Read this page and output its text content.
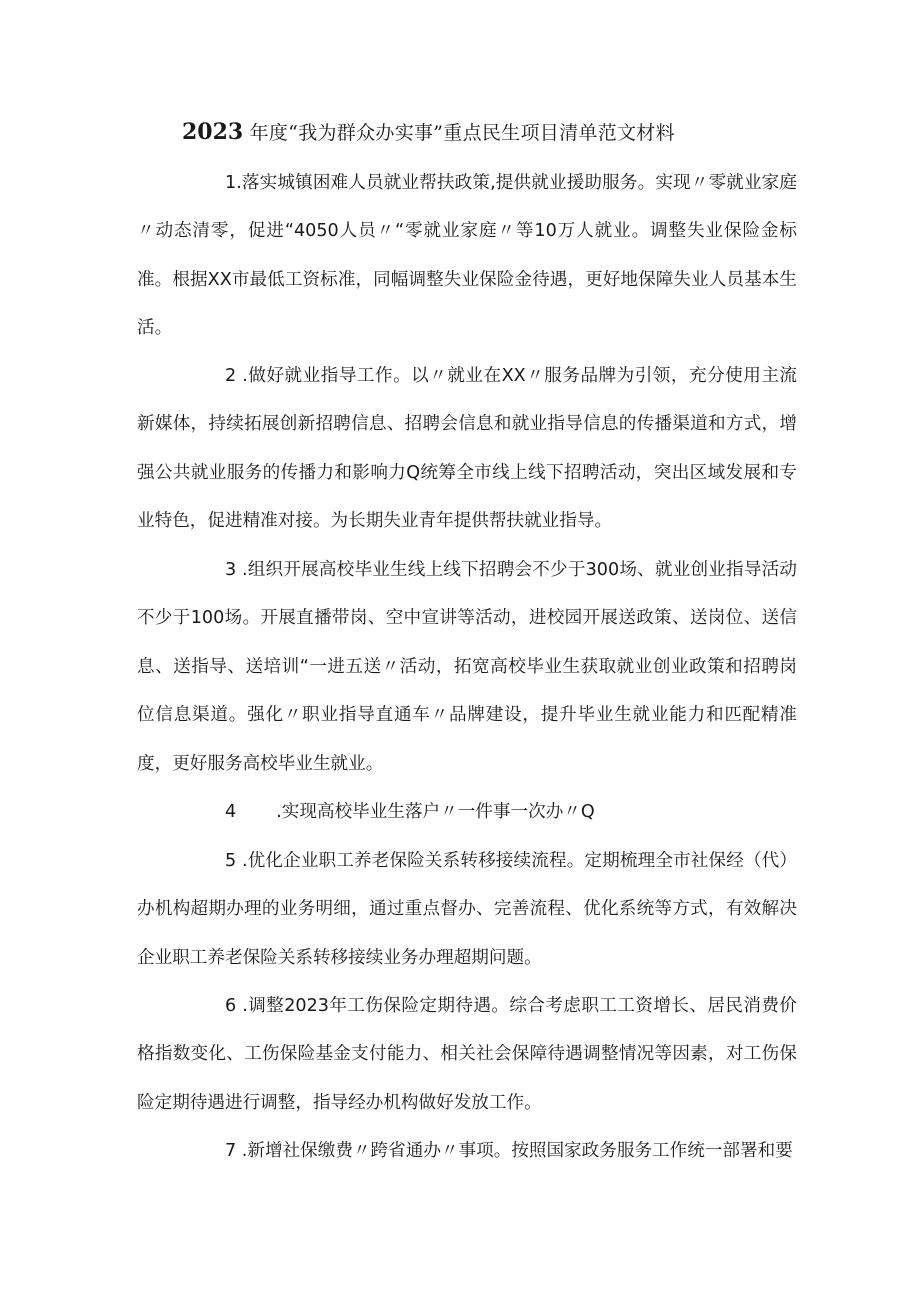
2023 年度“我为群众办实事”重点民生项目清单范文材料

1.落实城镇困难人员就业帮扶政策,提供就业援助服务。实现〃零就业家庭〃动态清零，促进“4050人员〃“零就业家庭〃等10万人就业。调整失业保险金标准。根据XX市最低工资标准，同幅调整失业保险金待遇，更好地保障失业人员基本生活。

2 .做好就业指导工作。以〃就业在XX〃服务品牌为引领，充分使用主流新媒体，持续拓展创新招聘信息、招聘会信息和就业指导信息的传播渠道和方式，增强公共就业服务的传播力和影响力Q统筹全市线上线下招聘活动，突出区域发展和专业特色，促进精准对接。为长期失业青年提供帮扶就业指导。

3 .组织开展高校毕业生线上线下招聘会不少于300场、就业创业指导活动不少于100场。开展直播带岗、空中宣讲等活动，进校园开展送政策、送岗位、送信息、送指导、送培训“一进五送〃活动，拓宽高校毕业生获取就业创业政策和招聘岗位信息渠道。强化〃职业指导直通车〃品牌建设，提升毕业生就业能力和匹配精准度，更好服务高校毕业生就业。

4 .实现高校毕业生落户〃一件事一次办〃Q

5 .优化企业职工养老保险关系转移接续流程。定期梳理全市社保经（代）办机构超期办理的业务明细，通过重点督办、完善流程、优化系统等方式，有效解决企业职工养老保险关系转移接续业务办理超期问题。

6 .调整2023年工伤保险定期待遇。综合考虑职工工资增长、居民消费价格指数变化、工伤保险基金支付能力、相关社会保障待遇调整情况等因素，对工伤保险定期待遇进行调整，指导经办机构做好发放工作。

7 .新增社保缴费〃跨省通办〃事项。按照国家政务服务工作统一部署和要
